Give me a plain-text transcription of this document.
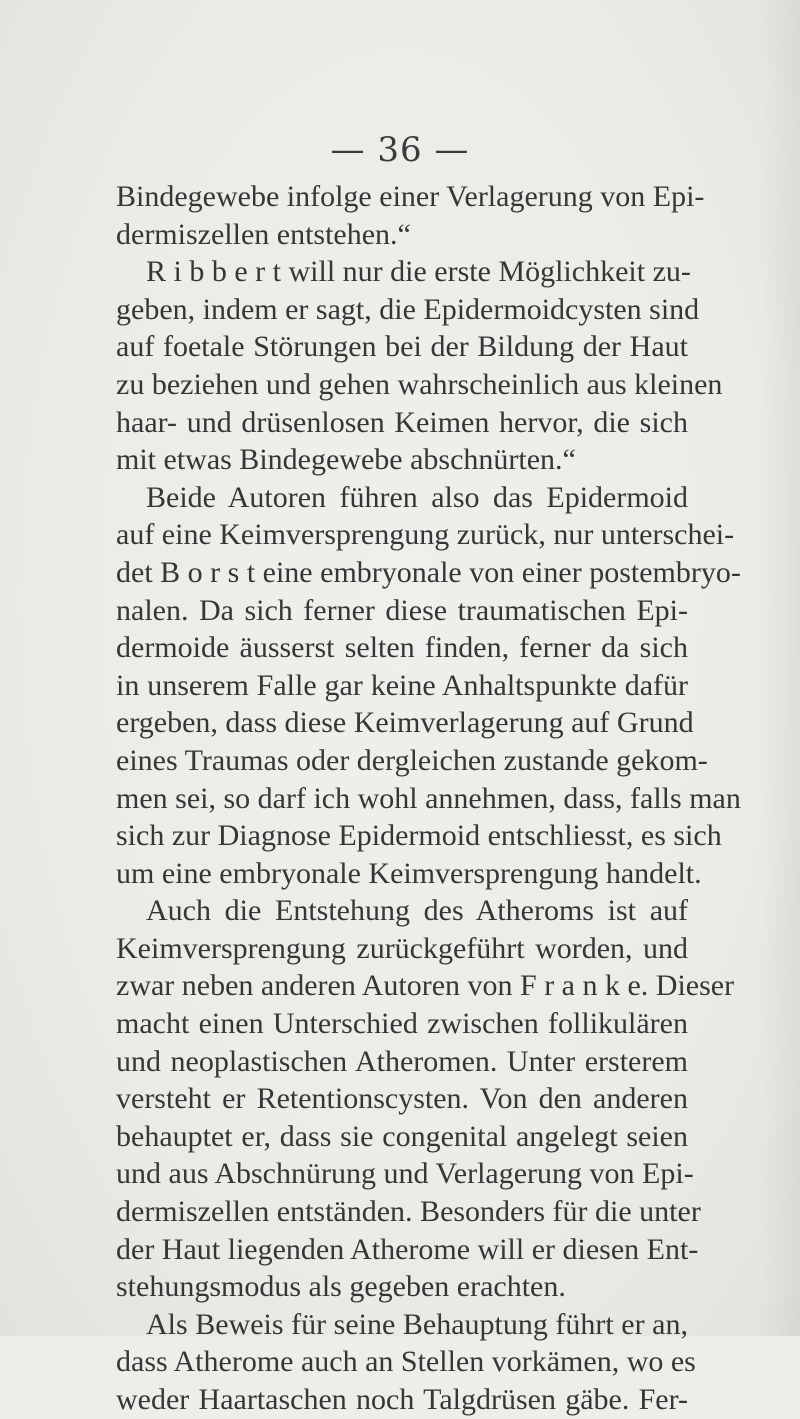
— 36 —
Bindegewebe infolge einer Verlagerung von Epi-
dermiszellen entstehen.“
R i b b e r t will nur die erste Möglichkeit zu-
geben, indem er sagt, die Epidermoidcysten sind
auf foetale Störungen bei der Bildung der Haut
zu beziehen und gehen wahrscheinlich aus kleinen
haar- und drüsenlosen Keimen hervor, die sich
mit etwas Bindegewebe abschnürten.“
Beide Autoren führen also das Epidermoid
auf eine Keimversprengung zurück, nur unterschei-
det B o r s t eine embryonale von einer postembryo-
nalen. Da sich ferner diese traumatischen Epi-
dermoide äusserst selten finden, ferner da sich
in unserem Falle gar keine Anhaltspunkte dafür
ergeben, dass diese Keimverlagerung auf Grund
eines Traumas oder dergleichen zustande gekom-
men sei, so darf ich wohl annehmen, dass, falls man
sich zur Diagnose Epidermoid entschliesst, es sich
um eine embryonale Keimversprengung handelt.
Auch die Entstehung des Atheroms ist auf
Keimversprengung zurückgeführt worden, und
zwar neben anderen Autoren von F r a n k e. Dieser
macht einen Unterschied zwischen follikulären
und neoplastischen Atheromen. Unter ersterem
versteht er Retentionscysten. Von den anderen
behauptet er, dass sie congenital angelegt seien
und aus Abschnürung und Verlagerung von Epi-
dermiszellen entständen. Besonders für die unter
der Haut liegenden Atherome will er diesen Ent-
stehungsmodus als gegeben erachten.
Als Beweis für seine Behauptung führt er an,
dass Atherome auch an Stellen vorkämen, wo es
weder Haartaschen noch Talgdrüsen gäbe. Fer-
